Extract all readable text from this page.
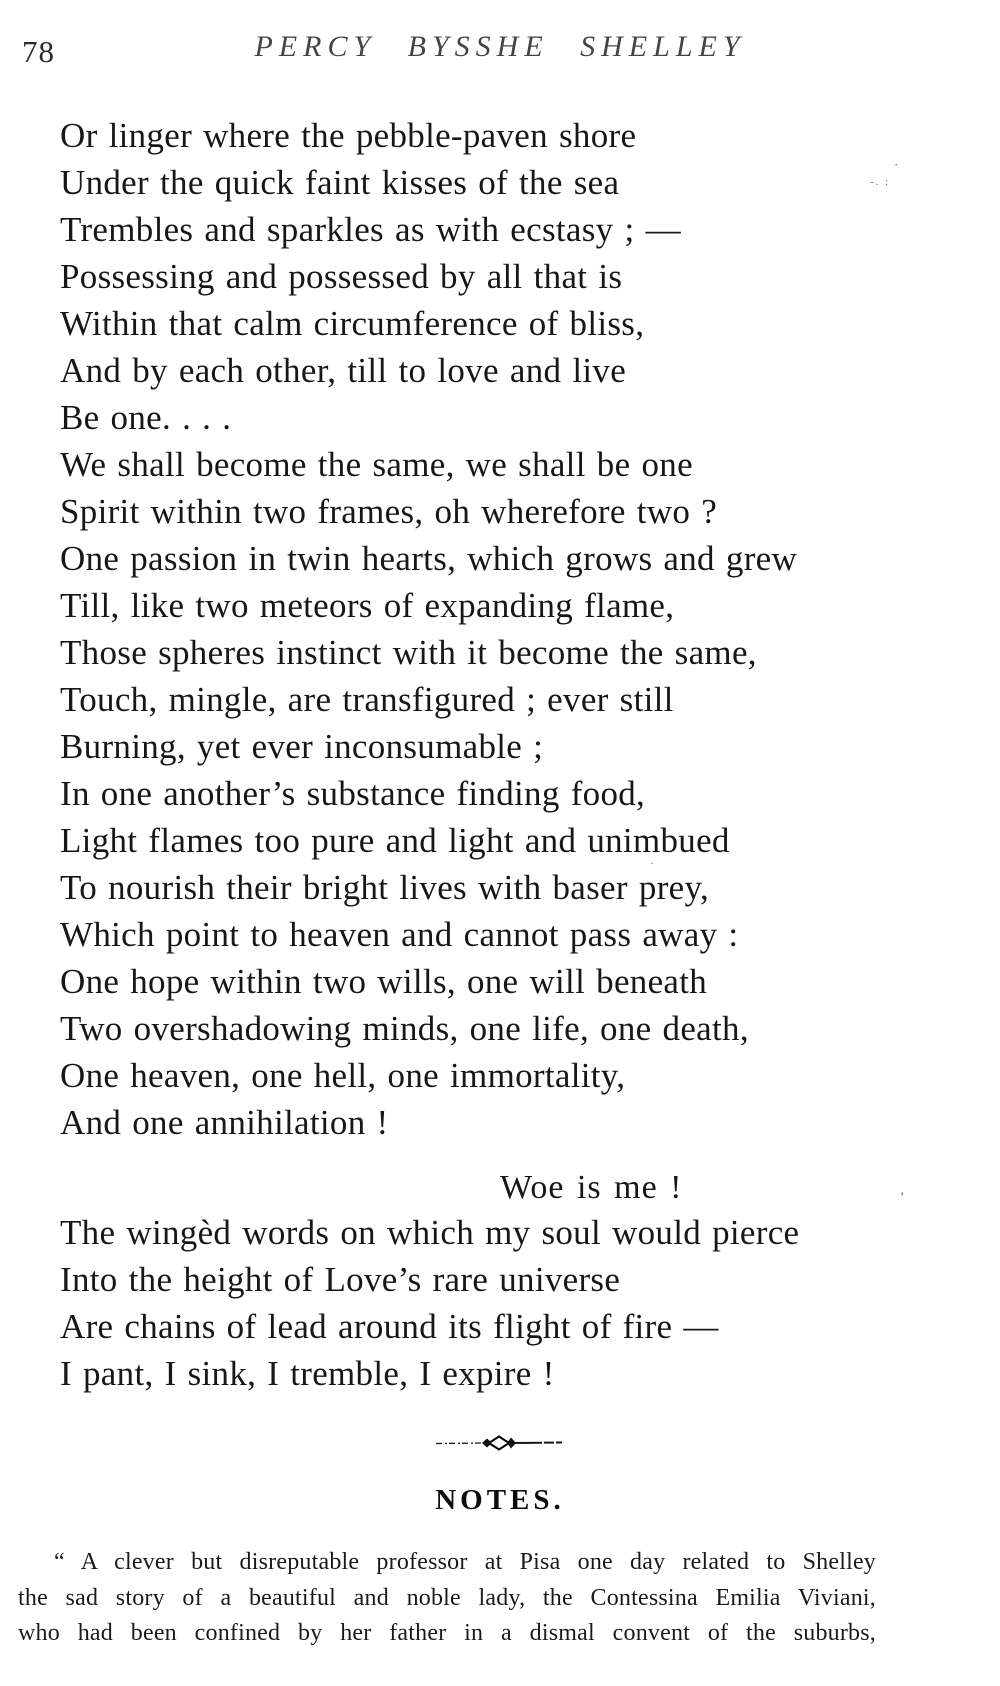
78	PERCY BYSSHE SHELLEY
Or linger where the pebble-paven shore
Under the quick faint kisses of the sea
Trembles and sparkles as with ecstasy ; —
Possessing and possessed by all that is
Within that calm circumference of bliss,
And by each other, till to love and live
Be one. . . .
We shall become the same, we shall be one
Spirit within two frames, oh wherefore two ?
One passion in twin hearts, which grows and grew
Till, like two meteors of expanding flame,
Those spheres instinct with it become the same,
Touch, mingle, are transfigured ; ever still
Burning, yet ever inconsumable ;
In one another’s substance finding food,
Light flames too pure and light and unimbued
To nourish their bright lives with baser prey,
Which point to heaven and cannot pass away :
One hope within two wills, one will beneath
Two overshadowing minds, one life, one death,
One heaven, one hell, one immortality,
And one annihilation !
Woe is me !
The wingèd words on which my soul would pierce
Into the height of Love’s rare universe
Are chains of lead around its flight of fire —
I pant, I sink, I tremble, I expire !
NOTES.
“ A clever but disreputable professor at Pisa one day related to Shelley
the sad story of a beautiful and noble lady, the Contessina Emilia Viviani,
who had been confined by her father in a dismal convent of the suburbs,
·
-. :
’
·
